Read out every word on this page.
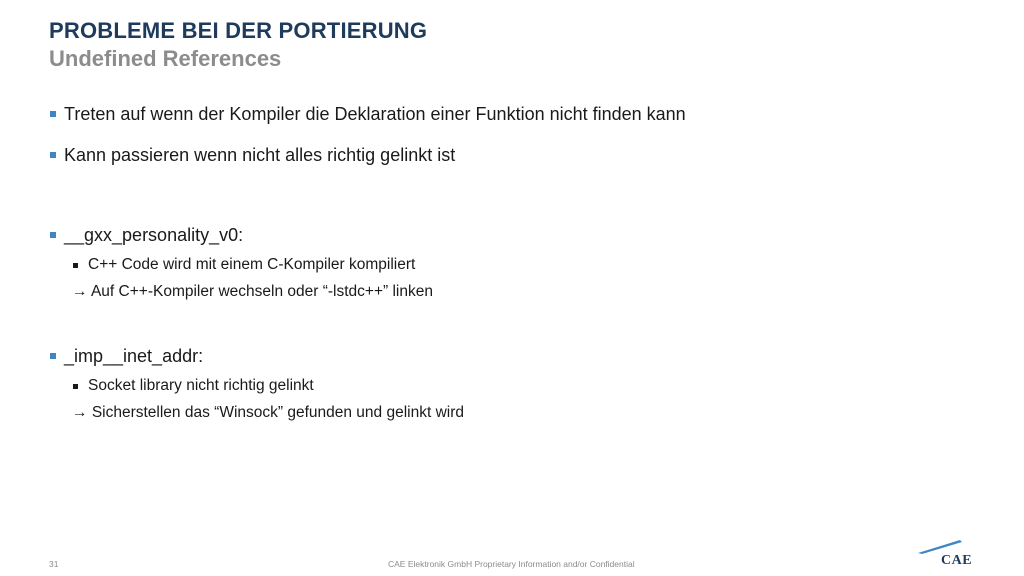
PROBLEME BEI DER PORTIERUNG
Undefined References
Treten auf wenn der Kompiler die Deklaration einer Funktion nicht finden kann
Kann passieren wenn nicht alles richtig gelinkt ist
__gxx_personality_v0:
C++ Code wird mit einem C-Kompiler kompiliert
→ Auf C++-Kompiler wechseln oder “-lstdc++” linken
_imp__inet_addr:
Socket library nicht richtig gelinkt
→ Sicherstellen das “Winsock” gefunden und gelinkt wird
31	CAE Elektronik GmbH Proprietary Information and/or Confidential	CAE
